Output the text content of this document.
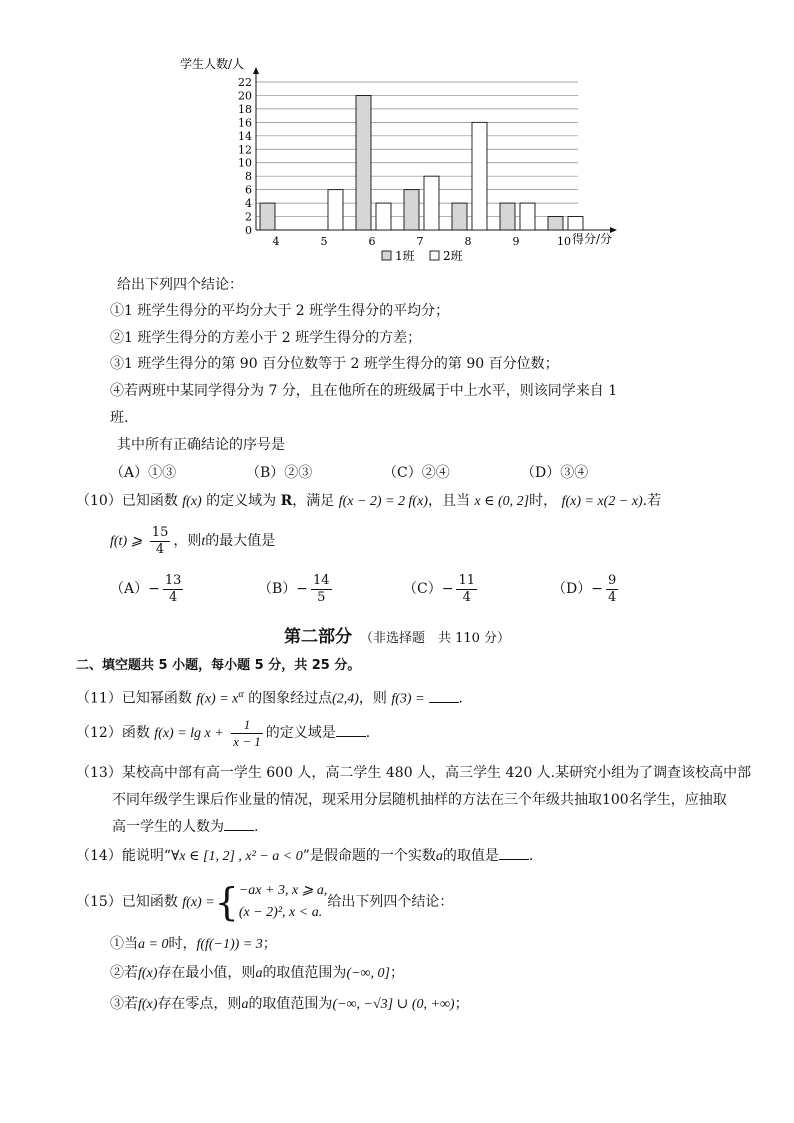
0
2
4
6
8
10
12
14
16
18
20
22
4	5	6	7	8	9	10
学生人数/人
得分/分
1班 2班
给出下列四个结论：
①1 班学生得分的平均分大于 2 班学生得分的平均分；
②1 班学生得分的方差小于 2 班学生得分的方差；
③1 班学生得分的第 90 百分位数等于 2 班学生得分的第 90 百分位数；
④若两班中某同学得分为 7 分，且在他所在的班级属于中上水平，则该同学来自 1
班.
其中所有正确结论的序号是
（A）①③	（B）②③	（C）②④	（D）③④
（10）已知函数 f(x) 的定义域为 R，满足 f(x − 2) = 2 f(x)，且当 x ∈ (0, 2]时， f(x) = x(2 − x).若
f(t) ⩾ $\frac{15}{4}$ ，则t的最大值是
$(A)- \frac{13}{4}$	$(B)- \frac{14}{5}$	$(C)- \frac{11}{4}$	$(D)- \frac{9}{4}$
第二部分 （非选择题　共 110 分）
二、填空题共 5 小题，每小题 5 分，共 25 分。
（11）已知幂函数 $f(x) = x^\alpha$ 的图象经过点(2,4)，则 f(3) = .
（12）函数 $f(x) = \lg x + \frac{1}{x - 1}$ 的定义域是 .
（13）某校高中部有高一学生 600 人，高二学生 480 人，高三学生 420 人.某研究小组为了调查该校高中部
不同年级学生课后作业量的情况，现采用分层随机抽样的方法在三个年级共抽取100名学生，应抽取
高一学生的人数为 .
（14）能说明“∀x ∈ [1, 2] , x² − a < 0”是假命题的一个实数a的取值是 .
（15）已知函数 f(x) ={ −ax + 3, x ⩾ a,
(x − 2)², x < a.
给出下列四个结论：
①当a = 0时，f(f(−1)) = 3；
②若f(x)存在最小值，则a的取值范围为(−∞, 0]；
③若f(x)存在零点，则a的取值范围为(−∞, −√3] ∪ (0, +∞)；
